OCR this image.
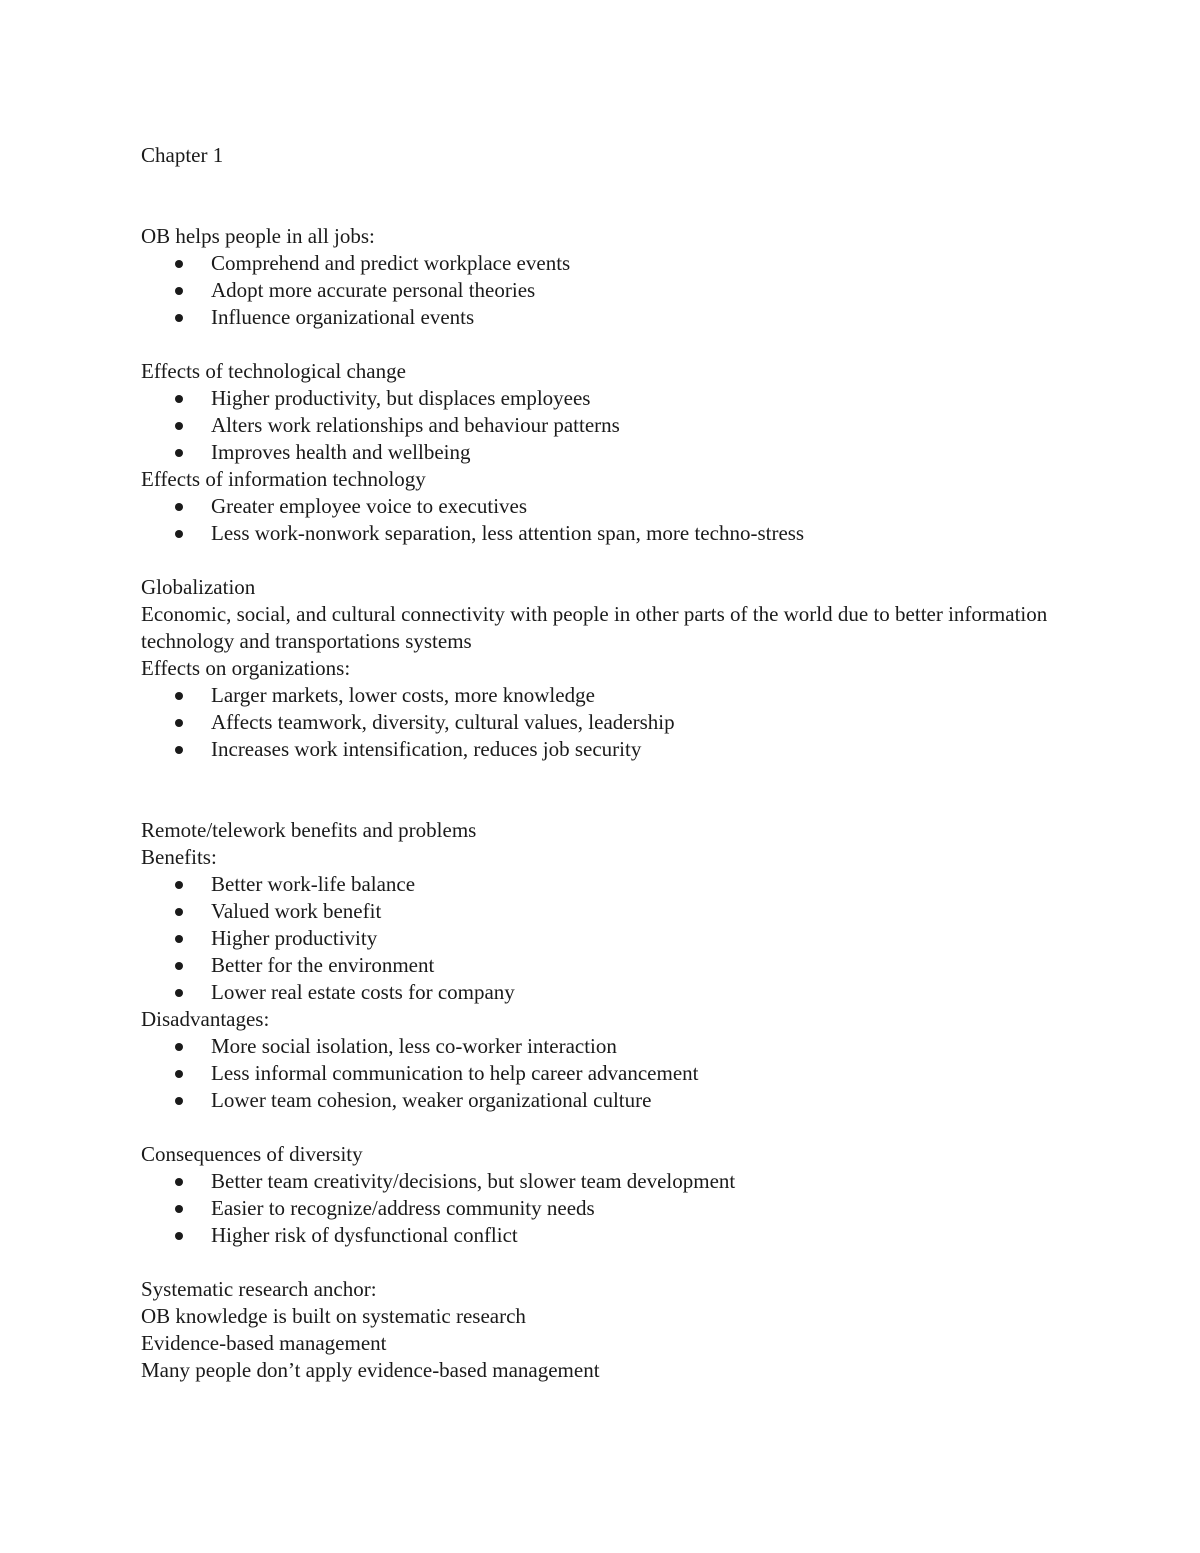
Chapter 1

OB helps people in all jobs:

Comprehend and predict workplace events
Adopt more accurate personal theories
Influence organizational events

Effects of technological change

Higher productivity, but displaces employees
Alters work relationships and behaviour patterns
Improves health and wellbeing

Effects of information technology

Greater employee voice to executives
Less work-nonwork separation, less attention span, more techno-stress

Globalization

Economic, social, and cultural connectivity with people in other parts of the world due to better information technology and transportations systems

Effects on organizations:

Larger markets, lower costs, more knowledge
Affects teamwork, diversity, cultural values, leadership
Increases work intensification, reduces job security

Remote/telework benefits and problems

Benefits:

Better work-life balance
Valued work benefit
Higher productivity
Better for the environment
Lower real estate costs for company

Disadvantages:

More social isolation, less co-worker interaction
Less informal communication to help career advancement
Lower team cohesion, weaker organizational culture

Consequences of diversity

Better team creativity/decisions, but slower team development
Easier to recognize/address community needs
Higher risk of dysfunctional conflict

Systematic research anchor:

OB knowledge is built on systematic research

Evidence-based management

Many people don’t apply evidence-based management
